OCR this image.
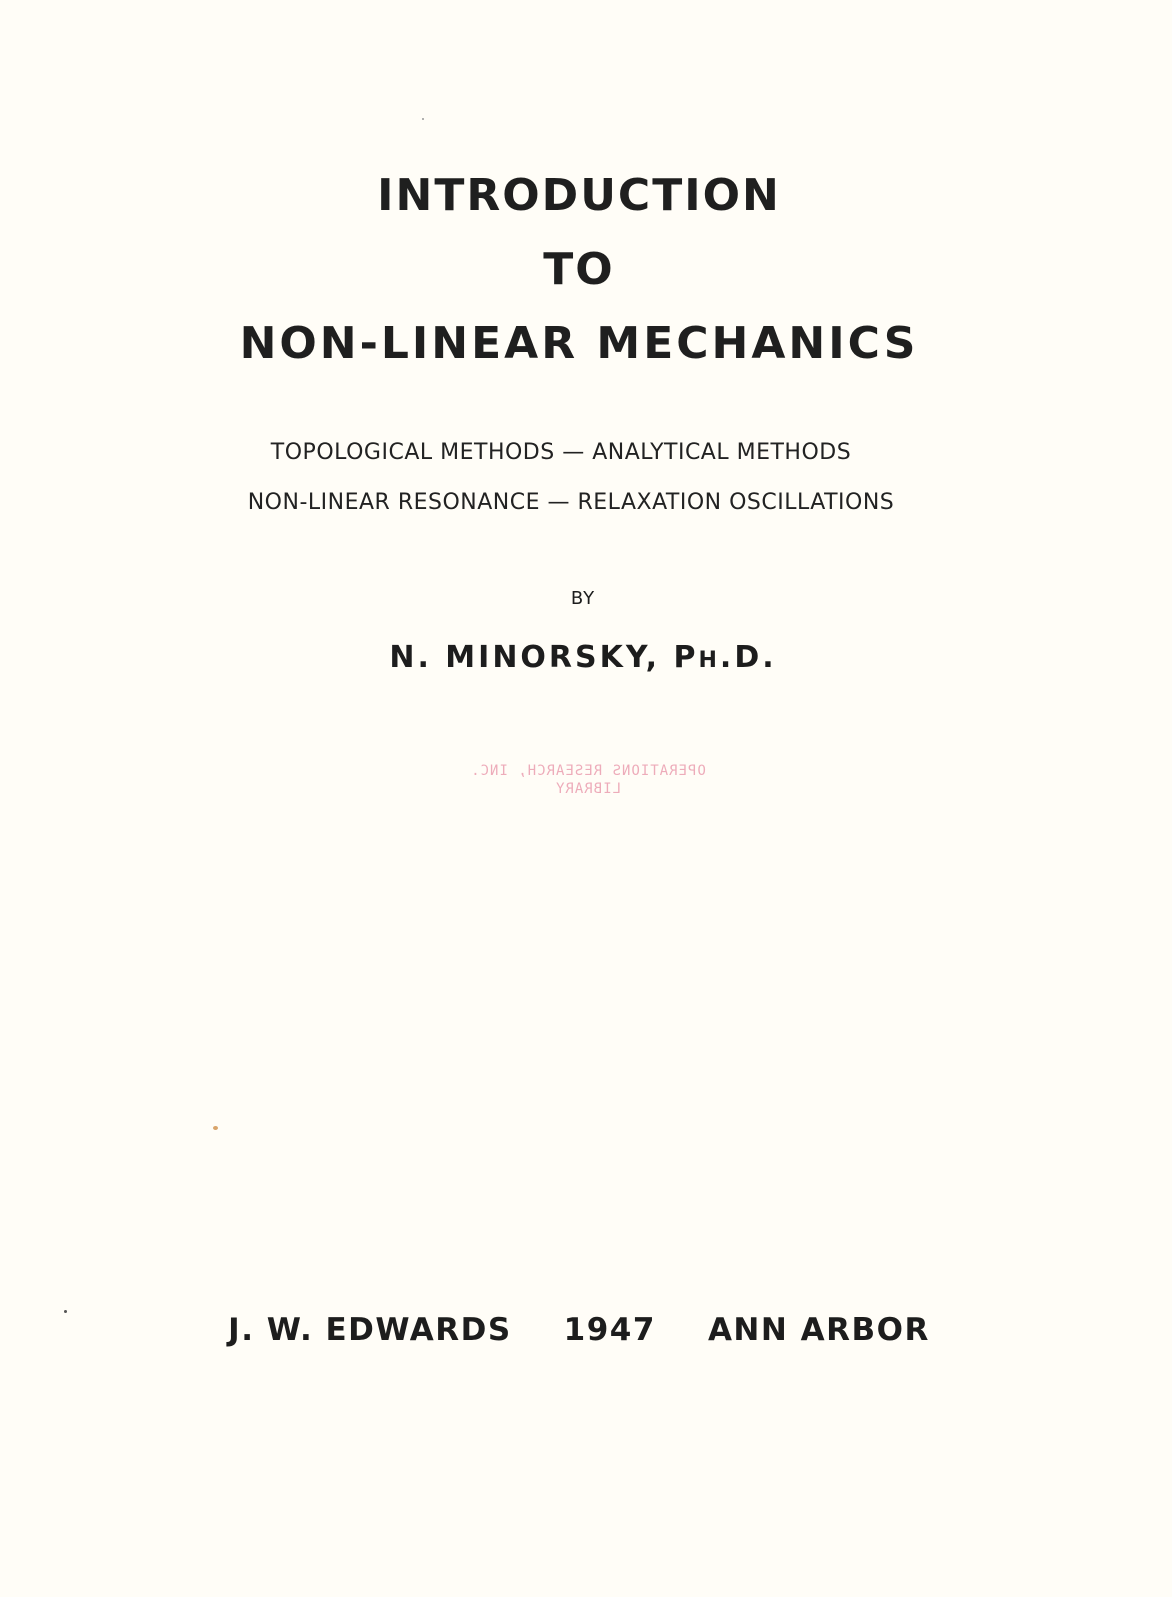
INTRODUCTION
TO
NON-LINEAR MECHANICS
TOPOLOGICAL METHODS — ANALYTICAL METHODS
NON-LINEAR RESONANCE — RELAXATION OSCILLATIONS
BY
N. MINORSKY, PH.D.
OPERATIONS RESEARCH, INC.
LIBRARY
J. W. EDWARDS 1947 ANN ARBOR
